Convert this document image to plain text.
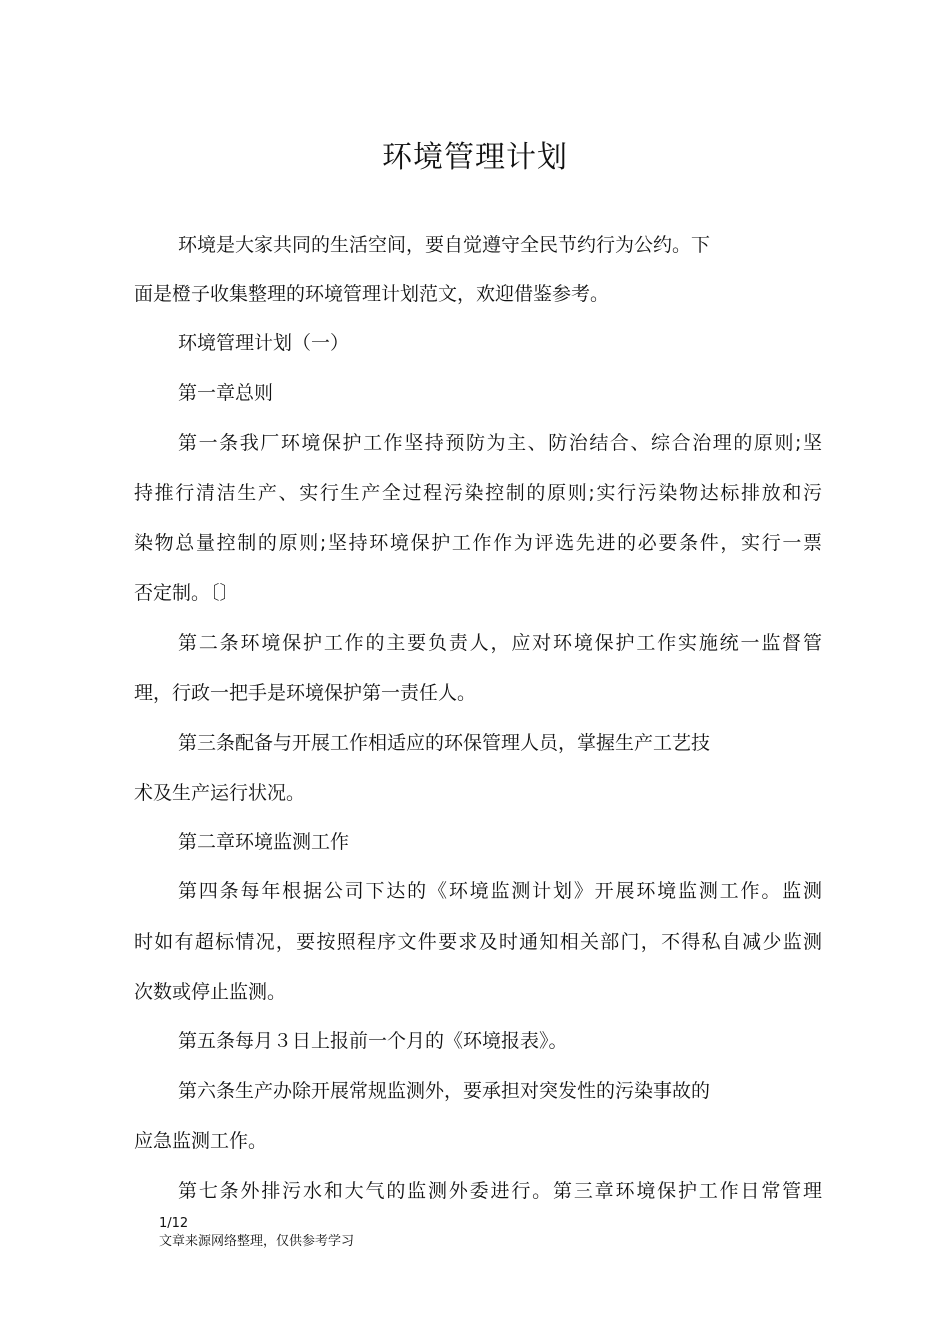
环境管理计划
环境是大家共同的生活空间，要自觉遵守全民节约行为公约。下
面是橙子收集整理的环境管理计划范文，欢迎借鉴参考。
环境管理计划（一）
第一章总则
第一条我厂环境保护工作坚持预防为主、防治结合、综合治理的原则;坚
持推行清洁生产、实行生产全过程污染控制的原则;实行污染物达标排放和污
染物总量控制的原则;坚持环境保护工作作为评选先进的必要条件，实行一票
否定制。〔〕
第二条环境保护工作的主要负责人，应对环境保护工作实施统一监督管
理，行政一把手是环境保护第一责任人。
第三条配备与开展工作相适应的环保管理人员，掌握生产工艺技
术及生产运行状况。
第二章环境监测工作
第四条每年根据公司下达的《环境监测计划》开展环境监测工作。监测
时如有超标情况，要按照程序文件要求及时通知相关部门，不得私自减少监测
次数或停止监测。
第五条每月３日上报前一个月的《环境报表》。
第六条生产办除开展常规监测外，要承担对突发性的污染事故的
应急监测工作。
第七条外排污水和大气的监测外委进行。第三章环境保护工作日常管理
1/12
文章来源网络整理，仅供参考学习
